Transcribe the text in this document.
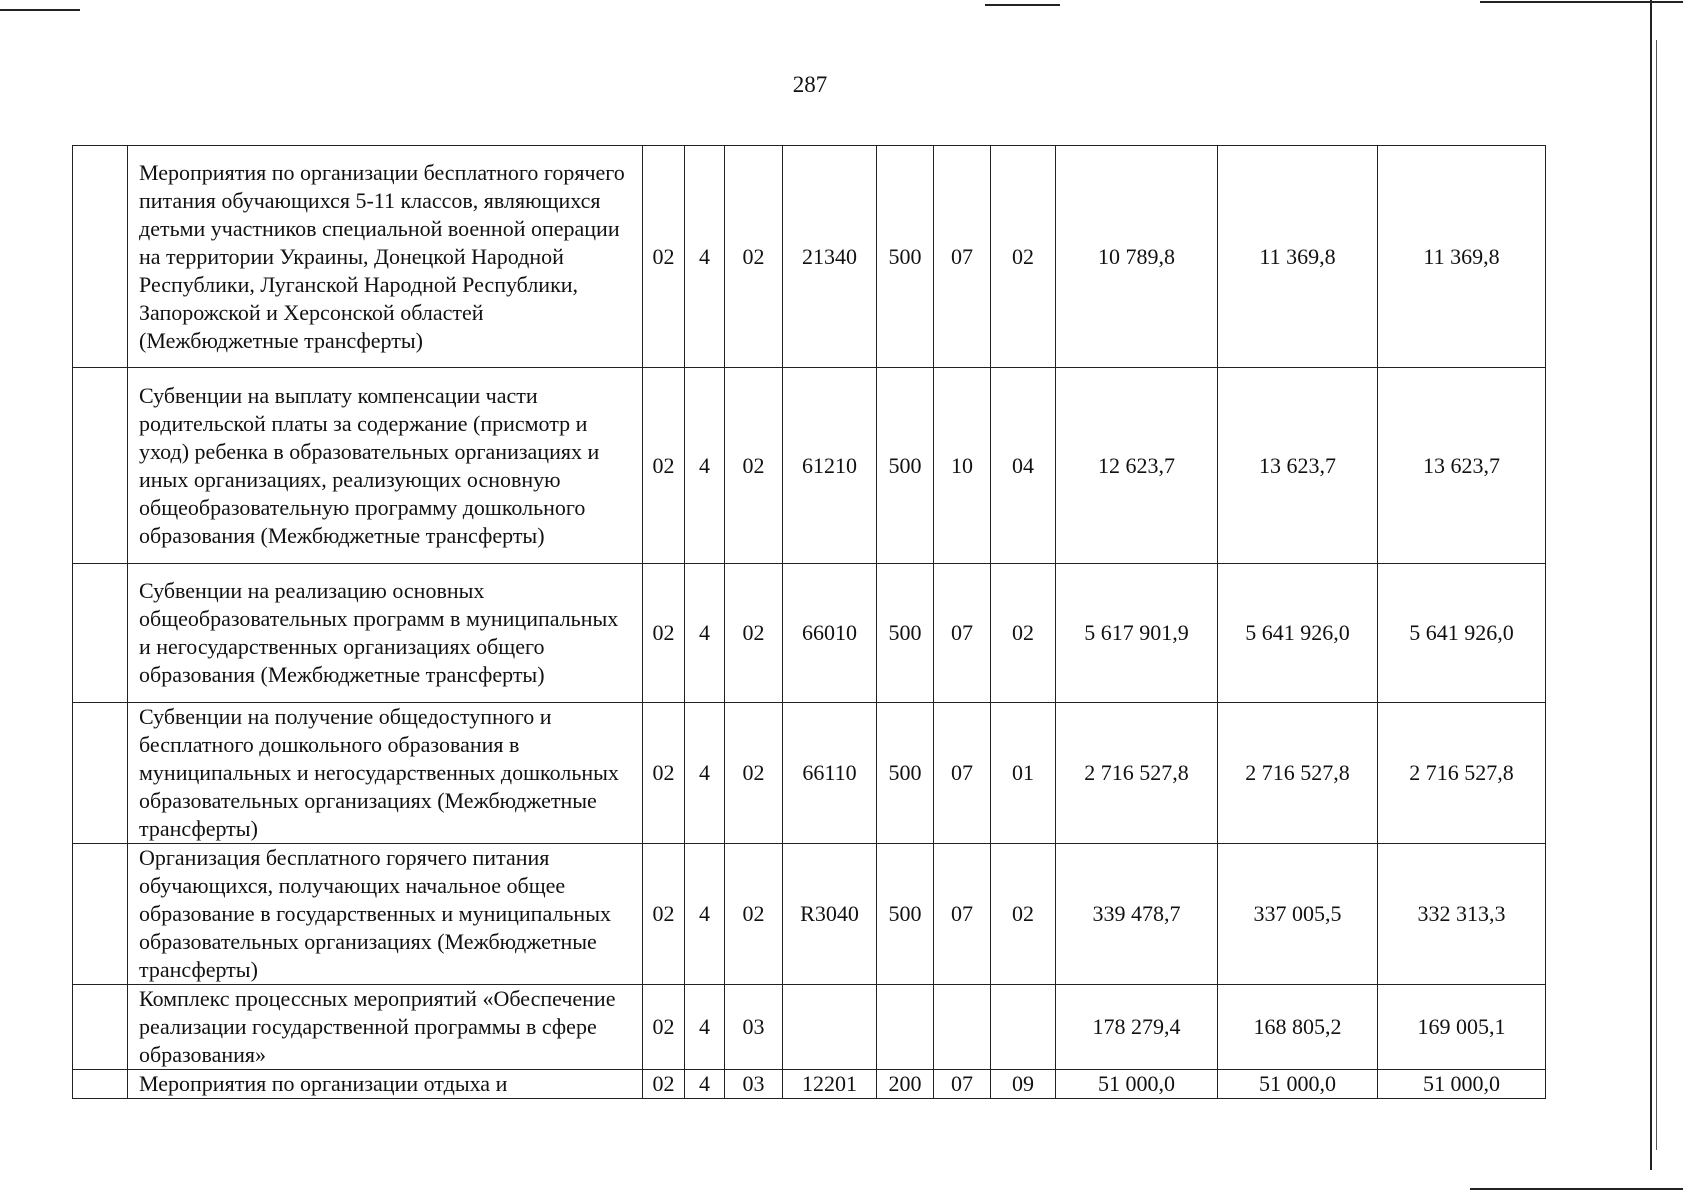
287
	Мероприятия по организации бесплатного горячего питания обучающихся 5-11 классов, являющихся детьми участников специальной военной операции на территории Украины, Донецкой Народной Республики, Луганской Народной Республики, Запорожской и Херсонской областей (Межбюджетные трансферты)	02	4	02	21340	500	07	02	10 789,8	11 369,8	11 369,8
	Субвенции на выплату компенсации части родительской платы за содержание (присмотр и уход) ребенка в образовательных организациях и иных организациях, реализующих основную общеобразовательную программу дошкольного образования (Межбюджетные трансферты)	02	4	02	61210	500	10	04	12 623,7	13 623,7	13 623,7
	Субвенции на реализацию основных общеобразовательных программ в муниципальных и негосударственных организациях общего образования (Межбюджетные трансферты)	02	4	02	66010	500	07	02	5 617 901,9	5 641 926,0	5 641 926,0
	Субвенции на получение общедоступного и бесплатного дошкольного образования в муниципальных и негосударственных дошкольных образовательных организациях (Межбюджетные трансферты)	02	4	02	66110	500	07	01	2 716 527,8	2 716 527,8	2 716 527,8
	Организация бесплатного горячего питания обучающихся, получающих начальное общее образование в государственных и муниципальных образовательных организациях (Межбюджетные трансферты)	02	4	02	R3040	500	07	02	339 478,7	337 005,5	332 313,3
	Комплекс процессных мероприятий «Обеспечение реализации государственной программы в сфере образования»	02	4	03					178 279,4	168 805,2	169 005,1
	Мероприятия по организации отдыха и	02	4	03	12201	200	07	09	51 000,0	51 000,0	51 000,0
